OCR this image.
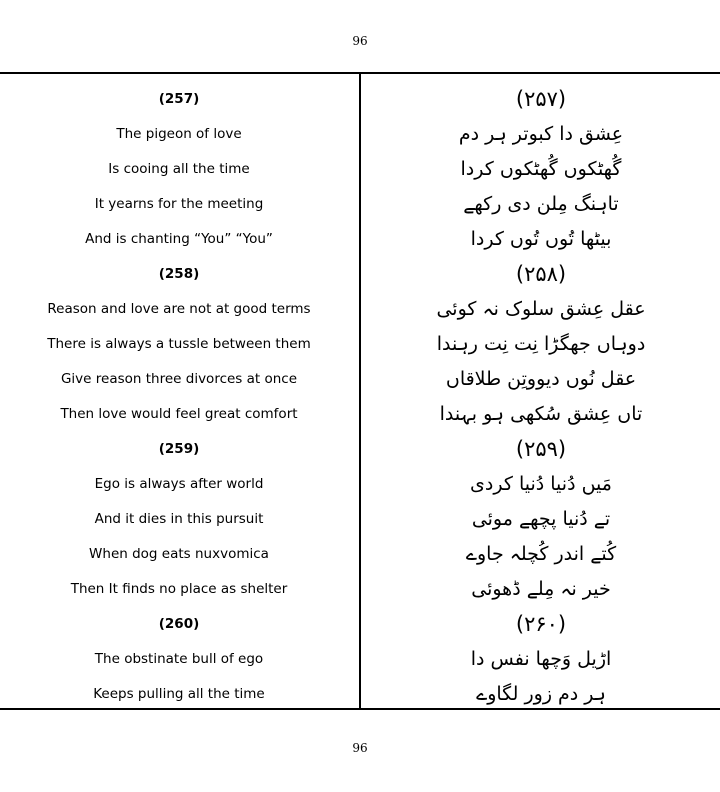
96
(257)
The pigeon of love
Is cooing all the time
It yearns for the meeting
And is chanting “You” “You”
(258)
Reason and love are not at good terms
There is always a tussle between them
Give reason three divorces at once
Then love would feel great comfort
(259)
Ego is always after world
And it dies in this pursuit
When dog eats nuxvomica
Then It finds no place as shelter
(260)
The obstinate bull of ego
Keeps pulling all the time
(۲۵۷)
عِشق دا کبوتر ہر دم
گُھٹکوں گُھٹکوں کردا
تاہنگ مِلن دی رکھے
بیٹھا تُوں تُوں کردا
(۲۵۸)
عقل عِشق سلوک نہ کوئی
دوہاں جھگڑا نِت نِت رہندا
عقل نُوں دیووتِن طلاقاں
تاں عِشق سُکھی ہو بہندا
(۲۵۹)
مَیں دُنیا دُنیا کردی
تے دُنیا پچھے موئی
کُتے اندر کُچلہ جاوے
خیر نہ مِلے ڈھوئی
(۲۶۰)
اڑیل وَچھا نفس دا
ہر دم زور لگاوے
96
